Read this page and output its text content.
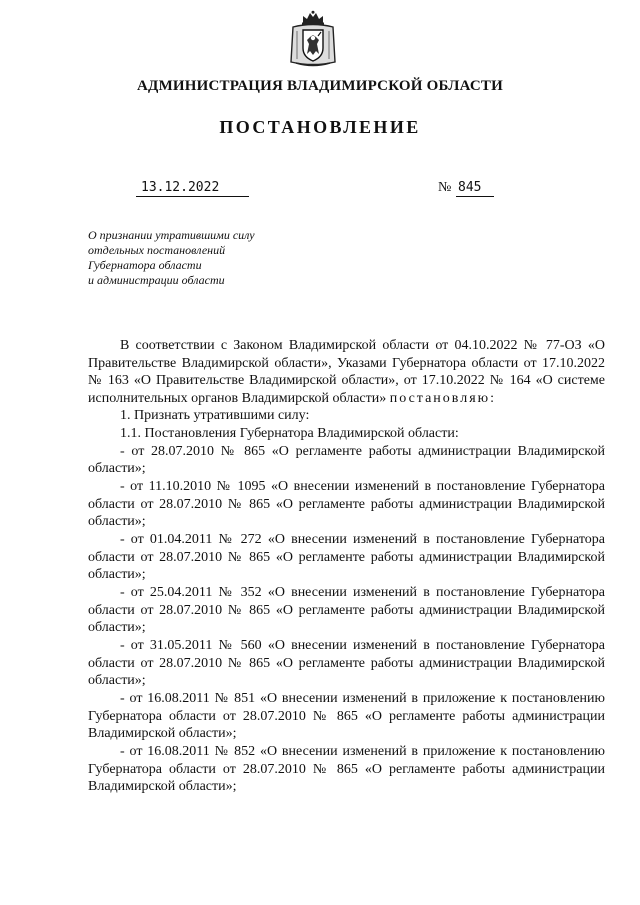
АДМИНИСТРАЦИЯ ВЛАДИМИРСКОЙ ОБЛАСТИ
ПОСТАНОВЛЕНИЕ
13.12.2022	№ 845
О признании утратившими силу
отдельных постановлений
Губернатора области
и администрации области
В соответствии с Законом Владимирской области от 04.10.2022 № 77-ОЗ «О Правительстве Владимирской области», Указами Губернатора области от 17.10.2022 № 163 «О Правительстве Владимирской области», от 17.10.2022 № 164 «О системе исполнительных органов Владимирской области» постановляю:
1. Признать утратившими силу:
1.1. Постановления Губернатора Владимирской области:
- от 28.07.2010 № 865 «О регламенте работы администрации Владимирской области»;
- от 11.10.2010 № 1095 «О внесении изменений в постановление Губернатора области от 28.07.2010 № 865 «О регламенте работы администрации Владимирской области»;
- от 01.04.2011 № 272 «О внесении изменений в постановление Губернатора области от 28.07.2010 № 865 «О регламенте работы администрации Владимирской области»;
- от 25.04.2011 № 352 «О внесении изменений в постановление Губернатора области от 28.07.2010 № 865 «О регламенте работы администрации Владимирской области»;
- от 31.05.2011 № 560 «О внесении изменений в постановление Губернатора области от 28.07.2010 № 865 «О регламенте работы администрации Владимирской области»;
- от 16.08.2011 № 851 «О внесении изменений в приложение к постановлению Губернатора области от 28.07.2010 № 865 «О регламенте работы администрации Владимирской области»;
- от 16.08.2011 № 852 «О внесении изменений в приложение к постановлению Губернатора области от 28.07.2010 № 865 «О регламенте работы администрации Владимирской области»;
